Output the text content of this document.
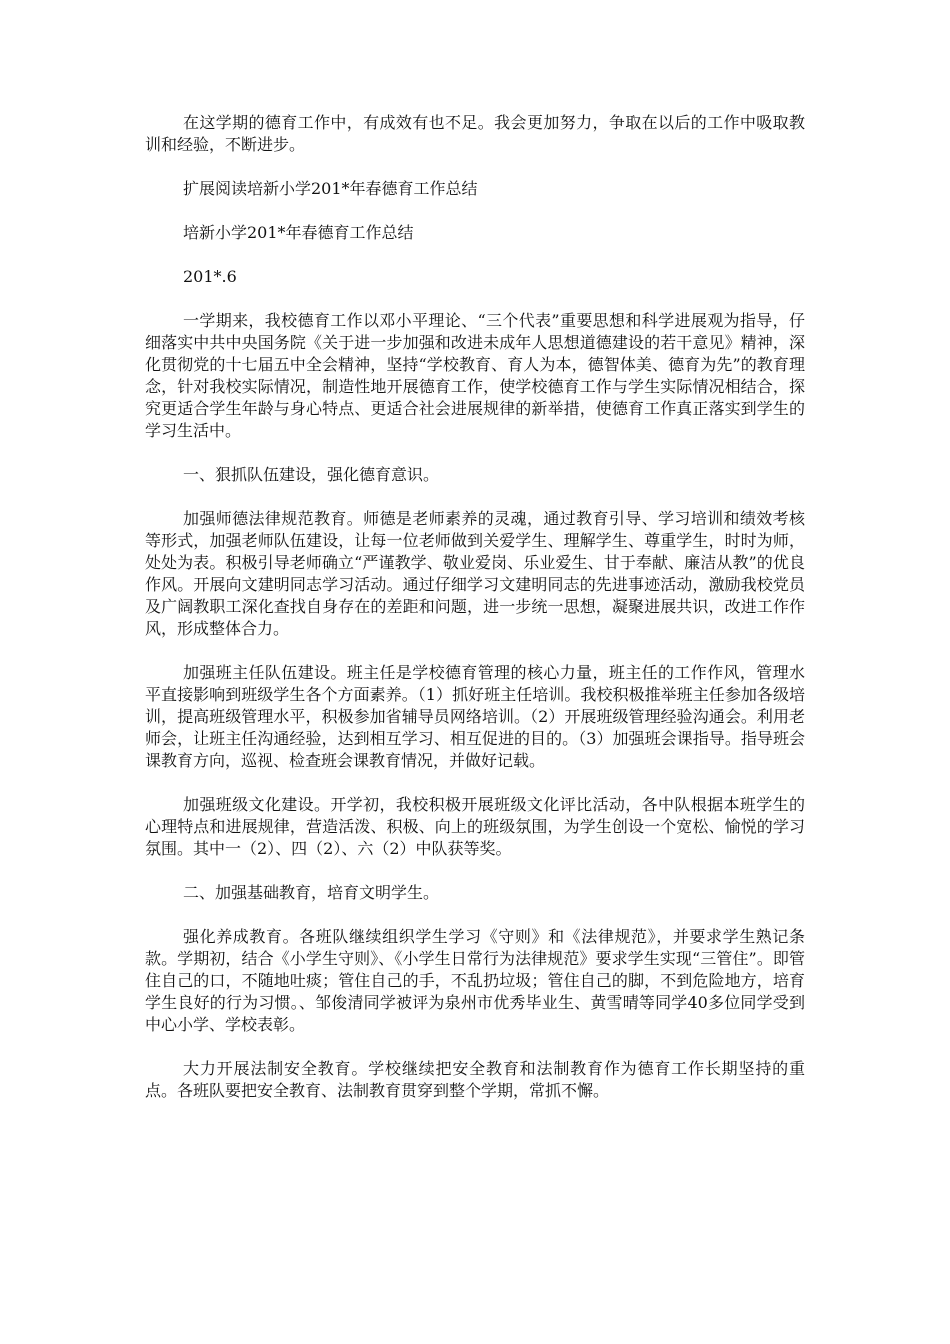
在这学期的德育工作中，有成效有也不足。我会更加努力，争取在以后的工作中吸取教训和经验，不断进步。

扩展阅读培新小学201*年春德育工作总结

培新小学201*年春德育工作总结

201*.6

一学期来，我校德育工作以邓小平理论、“三个代表”重要思想和科学进展观为指导，仔细落实中共中央国务院《关于进一步加强和改进未成年人思想道德建设的若干意见》精神，深化贯彻党的十七届五中全会精神，坚持“学校教育、育人为本，德智体美、德育为先”的教育理念，针对我校实际情况，制造性地开展德育工作，使学校德育工作与学生实际情况相结合，探究更适合学生年龄与身心特点、更适合社会进展规律的新举措，使德育工作真正落实到学生的学习生活中。

一、狠抓队伍建设，强化德育意识。

加强师德法律规范教育。师德是老师素养的灵魂，通过教育引导、学习培训和绩效考核等形式，加强老师队伍建设，让每一位老师做到关爱学生、理解学生、尊重学生，时时为师，处处为表。积极引导老师确立“严谨教学、敬业爱岗、乐业爱生、甘于奉献、廉洁从教”的优良作风。开展向文建明同志学习活动。通过仔细学习文建明同志的先进事迹活动，激励我校党员及广阔教职工深化查找自身存在的差距和问题，进一步统一思想，凝聚进展共识，改进工作作风，形成整体合力。

加强班主任队伍建设。班主任是学校德育管理的核心力量，班主任的工作作风，管理水平直接影响到班级学生各个方面素养。（1）抓好班主任培训。我校积极推举班主任参加各级培训，提高班级管理水平，积极参加省辅导员网络培训。（2）开展班级管理经验沟通会。利用老师会，让班主任沟通经验，达到相互学习、相互促进的目的。（3）加强班会课指导。指导班会课教育方向，巡视、检查班会课教育情况，并做好记载。

加强班级文化建设。开学初，我校积极开展班级文化评比活动，各中队根据本班学生的心理特点和进展规律，营造活泼、积极、向上的班级氛围，为学生创设一个宽松、愉悦的学习氛围。其中一（2）、四（2）、六（2）中队获等奖。

二、加强基础教育，培育文明学生。

强化养成教育。各班队继续组织学生学习《守则》和《法律规范》，并要求学生熟记条款。学期初，结合《小学生守则》、《小学生日常行为法律规范》要求学生实现“三管住”。即管住自己的口，不随地吐痰；管住自己的手，不乱扔垃圾；管住自己的脚，不到危险地方，培育学生良好的行为习惯。、邹俊清同学被评为泉州市优秀毕业生、黄雪晴等同学40多位同学受到中心小学、学校表彰。

大力开展法制安全教育。学校继续把安全教育和法制教育作为德育工作长期坚持的重点。各班队要把安全教育、法制教育贯穿到整个学期，常抓不懈。
